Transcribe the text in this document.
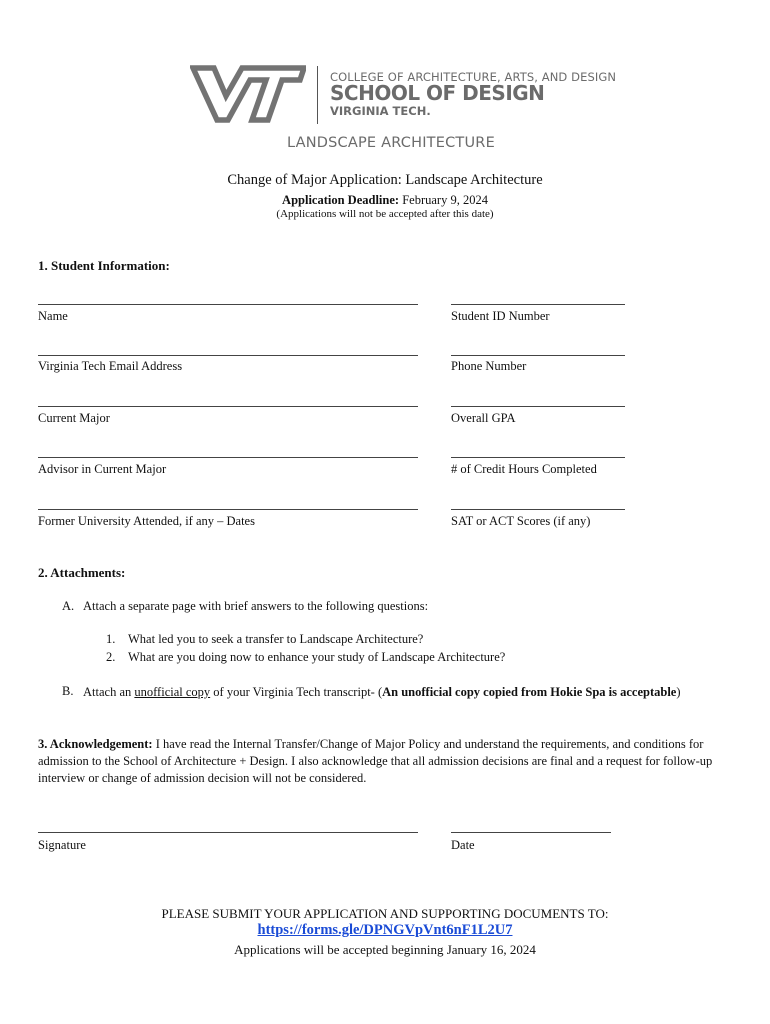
COLLEGE OF ARCHITECTURE, ARTS, AND DESIGN
SCHOOL OF DESIGN
VIRGINIA TECH.
LANDSCAPE ARCHITECTURE
Change of Major Application: Landscape Architecture
Application Deadline: February 9, 2024
(Applications will not be accepted after this date)
1. Student Information:
Name	Student ID Number
Virginia Tech Email Address	Phone Number
Current Major	Overall GPA
Advisor in Current Major	# of Credit Hours Completed
Former University Attended, if any – Dates	SAT or ACT Scores (if any)
2. Attachments:
A. Attach a separate page with brief answers to the following questions:
1. What led you to seek a transfer to Landscape Architecture?
2. What are you doing now to enhance your study of Landscape Architecture?
B. Attach an unofficial copy of your Virginia Tech transcript- (An unofficial copy copied from Hokie Spa is acceptable)
3. Acknowledgement: I have read the Internal Transfer/Change of Major Policy and understand the requirements, and conditions for admission to the School of Architecture + Design. I also acknowledge that all admission decisions are final and a request for follow-up interview or change of admission decision will not be considered.
Signature	Date
PLEASE SUBMIT YOUR APPLICATION AND SUPPORTING DOCUMENTS TO:
https://forms.gle/DPNGVpVnt6nF1L2U7
Applications will be accepted beginning January 16, 2024
